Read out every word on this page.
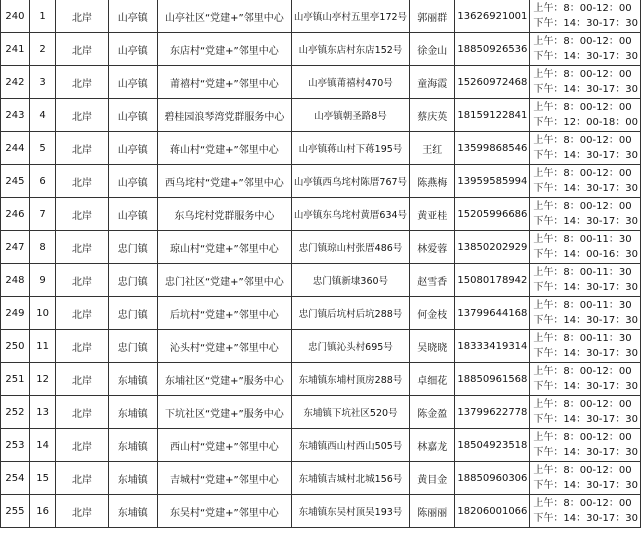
240	1	北岸	山亭镇	山亭社区“党建+”邻里中心	山亭镇山亭村五里亭172号	郭丽群	13626921001	上午：8：00-12：00
下午：14：30-17：30

241	2	北岸	山亭镇	东店村“党建+”邻里中心	山亭镇东店村东店152号	徐金山	18850926536	上午：8：00-12：00
下午：14：30-17：30

242	3	北岸	山亭镇	莆禧村“党建+”邻里中心	山亭镇莆禧村470号	童海霞	15260972468	上午：8：00-12：00
下午：14：30-17：30

243	4	北岸	山亭镇	碧桂园浪琴湾党群服务中心	山亭镇朝圣路8号	蔡庆英	18159122841	上午：8：00-12：00
下午：12：00-18：00

244	5	北岸	山亭镇	蒋山村“党建+”邻里中心	山亭镇蒋山村下蒋195号	王红	13599868546	上午：8：00-12：00
下午：14：30-17：30

245	6	北岸	山亭镇	西乌垞村“党建+”邻里中心	山亭镇西乌垞村陈厝767号	陈燕梅	13959585994	上午：8：00-12：00
下午：14：30-17：30

246	7	北岸	山亭镇	东乌垞村党群服务中心	山亭镇东乌垞村黄厝634号	黄亚桂	15205996686	上午：8：00-12：00
下午：14：30-17：30

247	8	北岸	忠门镇	琼山村“党建+”邻里中心	忠门镇琼山村张厝486号	林爱蓉	13850202929	上午：8：00-11：30
下午：14：00-16：30

248	9	北岸	忠门镇	忠门社区“党建+”邻里中心	忠门镇新埭360号	赵雪香	15080178942	上午：8：00-11：30
下午：14：30-17：30

249	10	北岸	忠门镇	后坑村“党建+”邻里中心	忠门镇后坑村后坑288号	何金枝	13799644168	上午：8：00-11：30
下午：14：30-17：30

250	11	北岸	忠门镇	沁头村“党建+”邻里中心	忠门镇沁头村695号	吴晓晓	18333419314	上午：8：00-11：30
下午：14：30-17：30

251	12	北岸	东埔镇	东埔社区“党建+”服务中心	东埔镇东埔村顶房288号	卓细花	18850961568	上午：8：00-12：00
下午：14：30-17：30

252	13	北岸	东埔镇	下坑社区“党建+”服务中心	东埔镇下坑社区520号	陈金盈	13799622778	上午：8：00-12：00
下午：14：30-17：30

253	14	北岸	东埔镇	西山村“党建+”邻里中心	东埔镇西山村西山505号	林嘉龙	18504923518	上午：8：00-12：00
下午：14：30-17：30

254	15	北岸	东埔镇	吉城村“党建+”邻里中心	东埔镇吉城村北城156号	黄目金	18850960306	上午：8：00-12：00
下午：14：30-17：30

255	16	北岸	东埔镇	东吴村“党建+”邻里中心	东埔镇东吴村顶吴193号	陈丽丽	18206001066	上午：8：00-12：00
下午：14：30-17：30
